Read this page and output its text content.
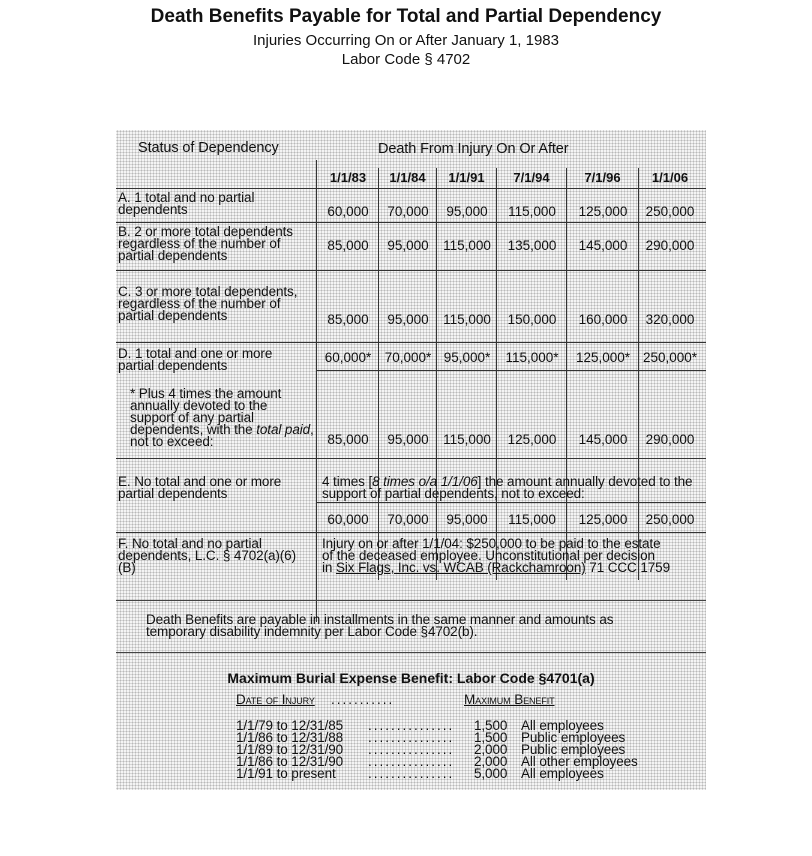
Death Benefits Payable for Total and Partial Dependency
Injuries Occurring On or After January 1, 1983
Labor Code § 4702
Status of Dependency	Death From Injury On Or After
1/1/83	1/1/84	1/1/91	7/1/94	7/1/96	1/1/06
A. 1 total and no partial dependents	60,000	70,000	95,000	115,000	125,000	250,000
B. 2 or more total dependents regardless of the number of partial dependents
85,000	95,000	115,000	135,000	145,000	290,000
C. 3 or more total dependents, regardless of the number of partial dependents	85,000	95,000	115,000	150,000	160,000	320,000
D. 1 total and one or more partial dependents
60,000* 70,000* 95,000*	115,000*	125,000* 250,000*
* Plus 4 times the amount annually devoted to the support of any partial dependents, with the total paid, not to exceed:	85,000	95,000	115,000	125,000	145,000	290,000
E. No total and one or more partial dependents
4 times [8 times o/a 1/1/06] the amount annually devoted to the support of partial dependents, not to exceed:
60,000	70,000	95,000	115,000	125,000	250,000
F. No total and no partial dependents, L.C. § 4702(a)(6)(B)
Injury on or after 1/1/04: $250,000 to be paid to the estate
of the deceased employee. Unconstitutional per decision
in Six Flags, Inc. vs. WCAB (Rackchamroon) 71 CCC 1759
Death Benefits are payable in installments in the same manner and amounts as temporary disability indemnity per Labor Code §4702(b).
Maximum Burial Expense Benefit: Labor Code §4701(a)
Date of Injury ...........	Maximum Benefit
1/1/79 to 12/31/85 ............... 1,500 All employees
1/1/86 to 12/31/88 ............... 1,500 Public employees
1/1/89 to 12/31/90 ............... 2,000 Public employees
1/1/86 to 12/31/90 ............... 2,000 All other employees
1/1/91 to present ............... 5,000 All employees
